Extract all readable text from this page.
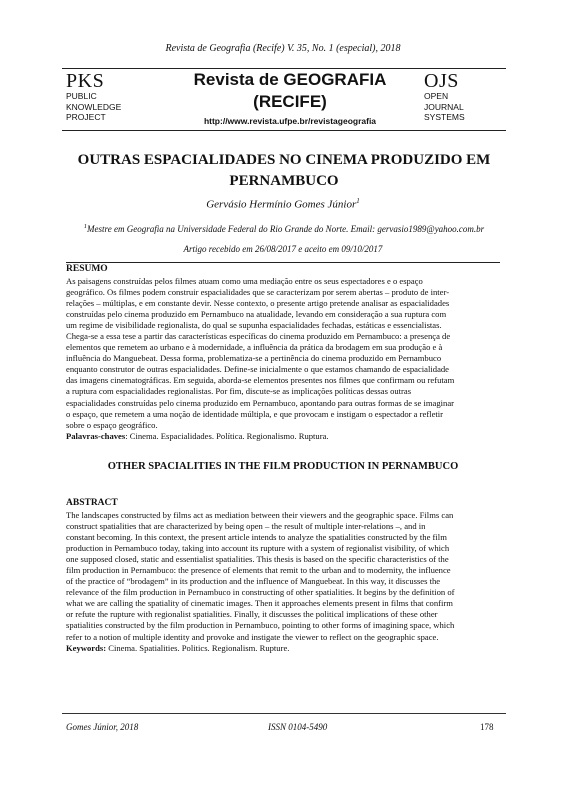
Revista de Geografia (Recife) V. 35, No. 1 (especial), 2018
PKS
PUBLIC
KNOWLEDGE
PROJECT
Revista de GEOGRAFIA
(RECIFE)
http://www.revista.ufpe.br/revistageografia
OJS
OPEN
JOURNAL
SYSTEMS
OUTRAS ESPACIALIDADES NO CINEMA PRODUZIDO EM
PERNAMBUCO
Gervásio Hermínio Gomes Júnior$^1$
$^1$Mestre em Geografia na Universidade Federal do Rio Grande do Norte. Email: gervasio1989@yahoo.com.br
Artigo recebido em 26/08/2017 e aceito em 09/10/2017
RESUMO
As paisagens construídas pelos filmes atuam como uma mediação entre os seus espectadores e o espaço
geográfico. Os filmes podem construir espacialidades que se caracterizam por serem abertas – produto de inter-
relações – múltiplas, e em constante devir. Nesse contexto, o presente artigo pretende analisar as espacialidades
construídas pelo cinema produzido em Pernambuco na atualidade, levando em consideração a sua ruptura com
um regime de visibilidade regionalista, do qual se supunha espacialidades fechadas, estáticas e essencialistas.
Chega-se a essa tese a partir das características específicas do cinema produzido em Pernambuco: a presença de
elementos que remetem ao urbano e à modernidade, a influência da prática da brodagem em sua produção e à
influência do Manguebeat. Dessa forma, problematiza-se a pertinência do cinema produzido em Pernambuco
enquanto construtor de outras espacialidades. Define-se inicialmente o que estamos chamando de espacialidade
das imagens cinematográficas. Em seguida, aborda-se elementos presentes nos filmes que confirmam ou refutam
a ruptura com espacialidades regionalistas. Por fim, discute-se as implicações políticas dessas outras
espacialidades construídas pelo cinema produzido em Pernambuco, apontando para outras formas de se imaginar
o espaço, que remetem a uma noção de identidade múltipla, e que provocam e instigam o espectador a refletir
sobre o espaço geográfico.
Palavras-chaves: Cinema. Espacialidades. Política. Regionalismo. Ruptura.
OTHER SPACIALITIES IN THE FILM PRODUCTION IN PERNAMBUCO
ABSTRACT
The landscapes constructed by films act as mediation between their viewers and the geographic space. Films can
construct spatialities that are characterized by being open – the result of multiple inter-relations –, and in
constant becoming. In this context, the present article intends to analyze the spatialities constructed by the film
production in Pernambuco today, taking into account its rupture with a system of regionalist visibility, of which
one supposed closed, static and essentialist spatialities. This thesis is based on the specific characteristics of the
film production in Pernambuco: the presence of elements that remit to the urban and to modernity, the influence
of the practice of “brodagem” in its production and the influence of Manguebeat. In this way, it discusses the
relevance of the film production in Pernambuco in constructing of other spatialities. It begins by the definition of
what we are calling the spatiality of cinematic images. Then it approaches elements present in films that confirm
or refute the rupture with regionalist spatialities. Finally, it discusses the political implications of these other
spatialities constructed by the film production in Pernambuco, pointing to other forms of imagining space, which
refer to a notion of multiple identity and provoke and instigate the viewer to reflect on the geographic space.
Keywords: Cinema. Spatialities. Politics. Regionalism. Rupture.
Gomes Júnior, 2018	ISSN 0104-5490	178
